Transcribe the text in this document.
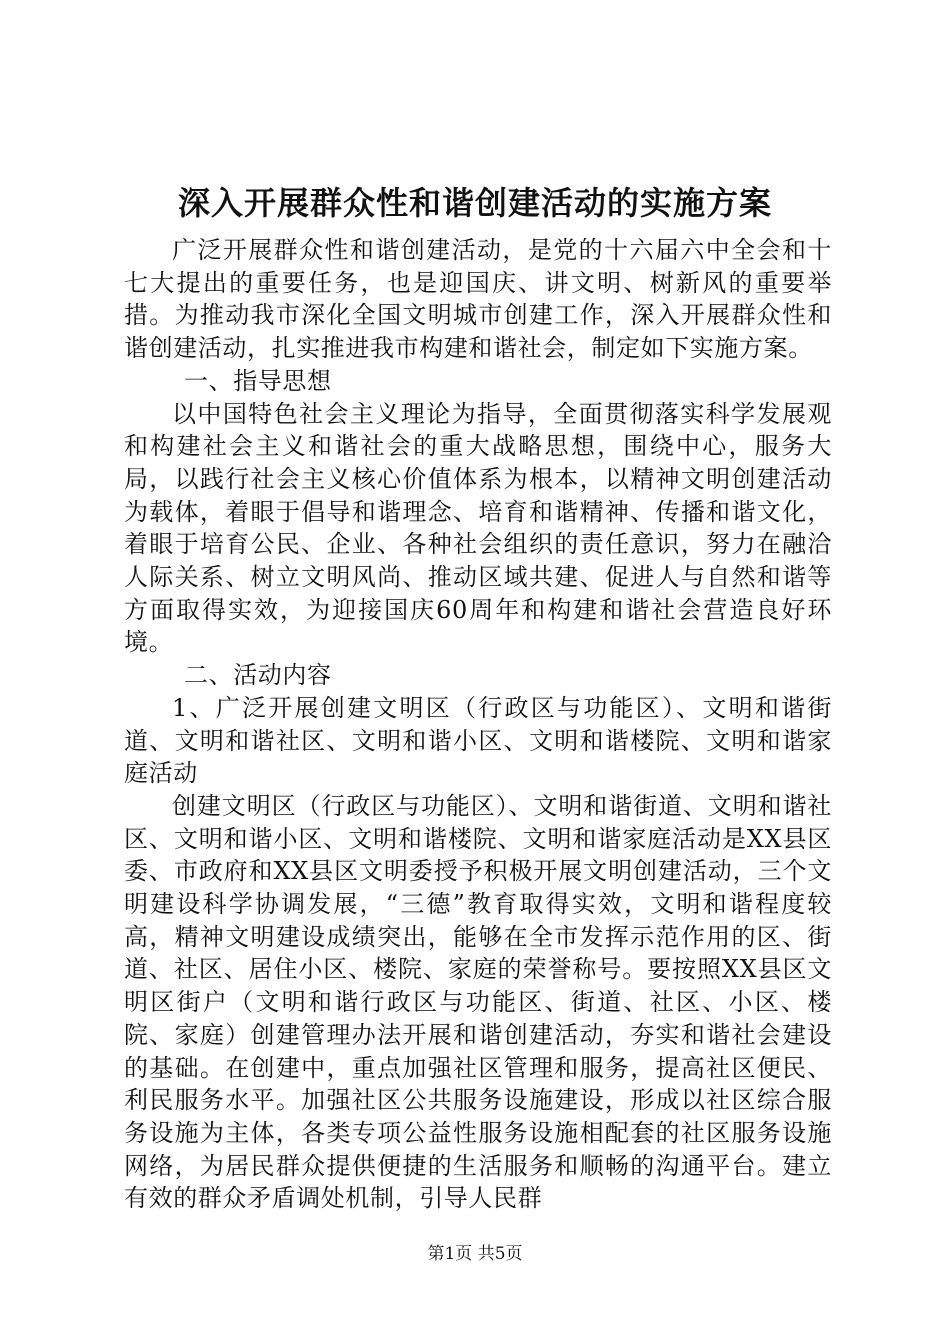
深入开展群众性和谐创建活动的实施方案

广泛开展群众性和谐创建活动，是党的十六届六中全会和十七大提出的重要任务，也是迎国庆、讲文明、树新风的重要举措。为推动我市深化全国文明城市创建工作，深入开展群众性和谐创建活动，扎实推进我市构建和谐社会，制定如下实施方案。

一、指导思想

以中国特色社会主义理论为指导，全面贯彻落实科学发展观和构建社会主义和谐社会的重大战略思想，围绕中心，服务大局，以践行社会主义核心价值体系为根本，以精神文明创建活动为载体，着眼于倡导和谐理念、培育和谐精神、传播和谐文化，着眼于培育公民、企业、各种社会组织的责任意识，努力在融洽人际关系、树立文明风尚、推动区域共建、促进人与自然和谐等方面取得实效，为迎接国庆60周年和构建和谐社会营造良好环境。

二、活动内容

1、广泛开展创建文明区（行政区与功能区）、文明和谐街道、文明和谐社区、文明和谐小区、文明和谐楼院、文明和谐家庭活动

创建文明区（行政区与功能区）、文明和谐街道、文明和谐社区、文明和谐小区、文明和谐楼院、文明和谐家庭活动是XX县区委、市政府和XX县区文明委授予积极开展文明创建活动，三个文明建设科学协调发展，“三德”教育取得实效，文明和谐程度较高，精神文明建设成绩突出，能够在全市发挥示范作用的区、街道、社区、居住小区、楼院、家庭的荣誉称号。要按照XX县区文明区街户（文明和谐行政区与功能区、街道、社区、小区、楼院、家庭）创建管理办法开展和谐创建活动，夯实和谐社会建设的基础。在创建中，重点加强社区管理和服务，提高社区便民、利民服务水平。加强社区公共服务设施建设，形成以社区综合服务设施为主体，各类专项公益性服务设施相配套的社区服务设施网络，为居民群众提供便捷的生活服务和顺畅的沟通平台。建立有效的群众矛盾调处机制，引导人民群

第1页 共5页
